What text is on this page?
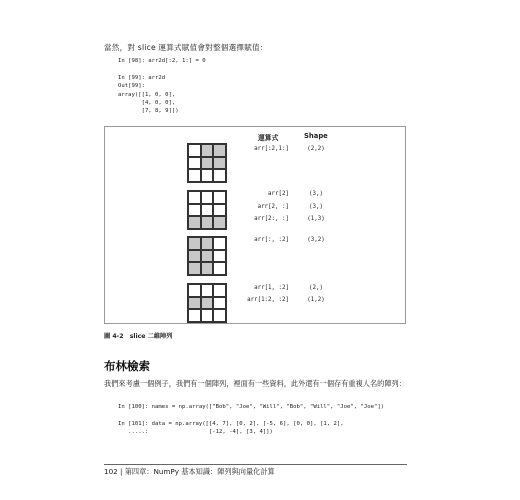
當然，對 slice 運算式賦值會對整個選擇賦值：
In [98]: arr2d[:2, 1:] = 0

In [99]: arr2d
Out[99]:
array([[1, 0, 0],
[4, 0, 0],
[7, 8, 9]])
運算式	Shape
arr[:2,1:]	(2,2)
arr[2]	(3,)
arr[2, :]	(3,)
arr[2:, :]	(1,3)
arr[:, :2]	(3,2)
arr[1, :2]	(2,)
arr[1:2, :2]	(1,2)
圖 4-2　slice 二維陣列
布林檢索
我們來考慮一個例子，我們有一個陣列，裡面有一些資料，此外還有一個存有重複人名的陣列：
In [100]: names = np.array(["Bob", "Joe", "Will", "Bob", "Will", "Joe", "Joe"])

In [101]: data = np.array([[4, 7], [0, 2], [-5, 6], [0, 0], [1, 2],
.....:                  [-12, -4], [3, 4]])
102 | 第四章：NumPy 基本知識：陣列與向量化計算
